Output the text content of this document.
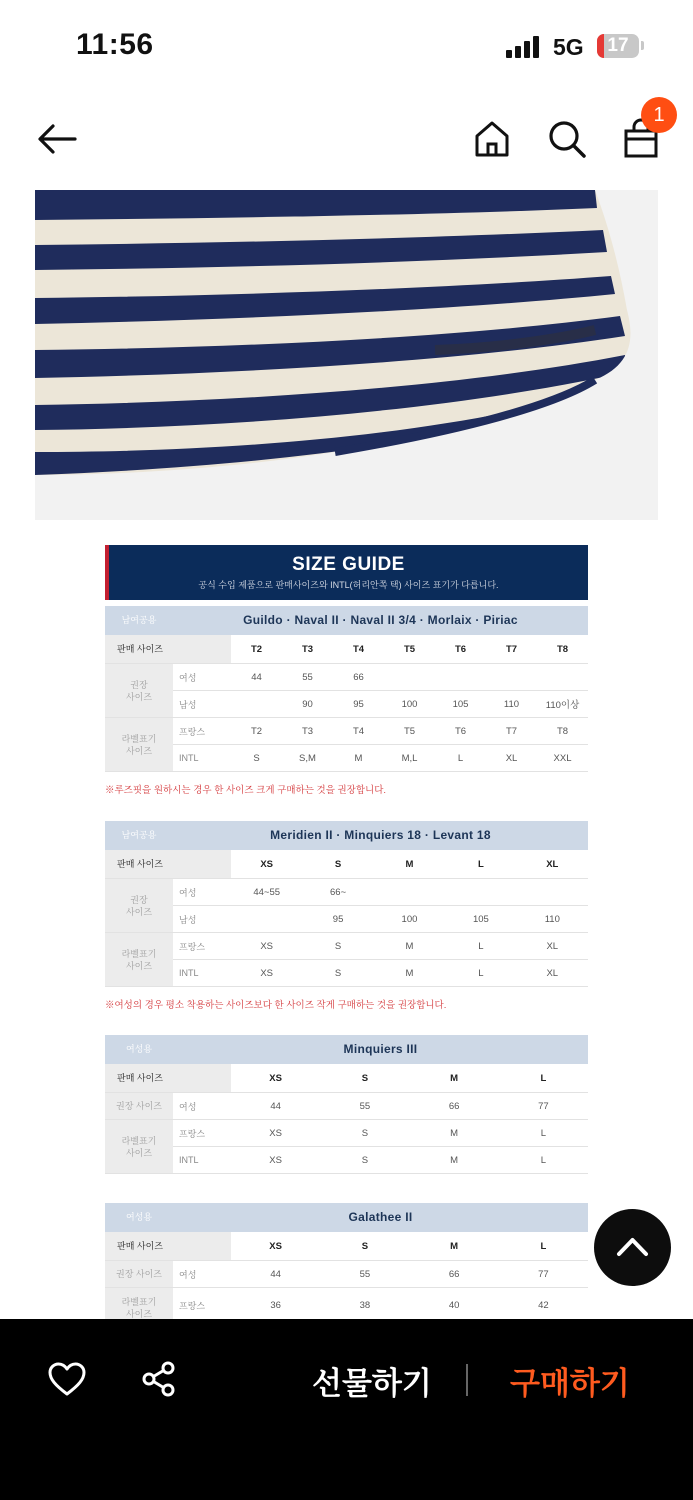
11:56	5G	17
1
SIZE GUIDE
공식 수입 제품으로 판매사이즈와 INTL(허리안쪽 택) 사이즈 표기가 다릅니다.
남여공용	Guildo · Naval II · Naval II 3/4 · Morlaix · Piriac
판매 사이즈		T2	T3	T4	T5	T6	T7	T8
권장
사이즈	여성	44	55	66				
	남성		90	95	100	105	110	110이상
라벨표기
사이즈	프랑스	T2	T3	T4	T5	T6	T7	T8
	INTL	S	S,M	M	M,L	L	XL	XXL
※루즈핏을 원하시는 경우 한 사이즈 크게 구매하는 것을 권장합니다.
남여공용	Meridien II · Minquiers 18 · Levant 18
판매 사이즈		XS	S	M	L	XL
권장
사이즈	여성	44~55	66~			
	남성		95	100	105	110
라벨표기
사이즈	프랑스	XS	S	M	L	XL
	INTL	XS	S	M	L	XL
※여성의 경우 평소 착용하는 사이즈보다 한 사이즈 작게 구매하는 것을 권장합니다.
여성용	Minquiers III
판매 사이즈		XS	S	M	L
권장 사이즈	여성	44	55	66	77
라벨표기
사이즈	프랑스	XS	S	M	L
	INTL	XS	S	M	L
여성용	Galathee II
판매 사이즈		XS	S	M	L
권장 사이즈	여성	44	55	66	77
라벨표기
사이즈	프랑스	36	38	40	42
선물하기	구매하기
